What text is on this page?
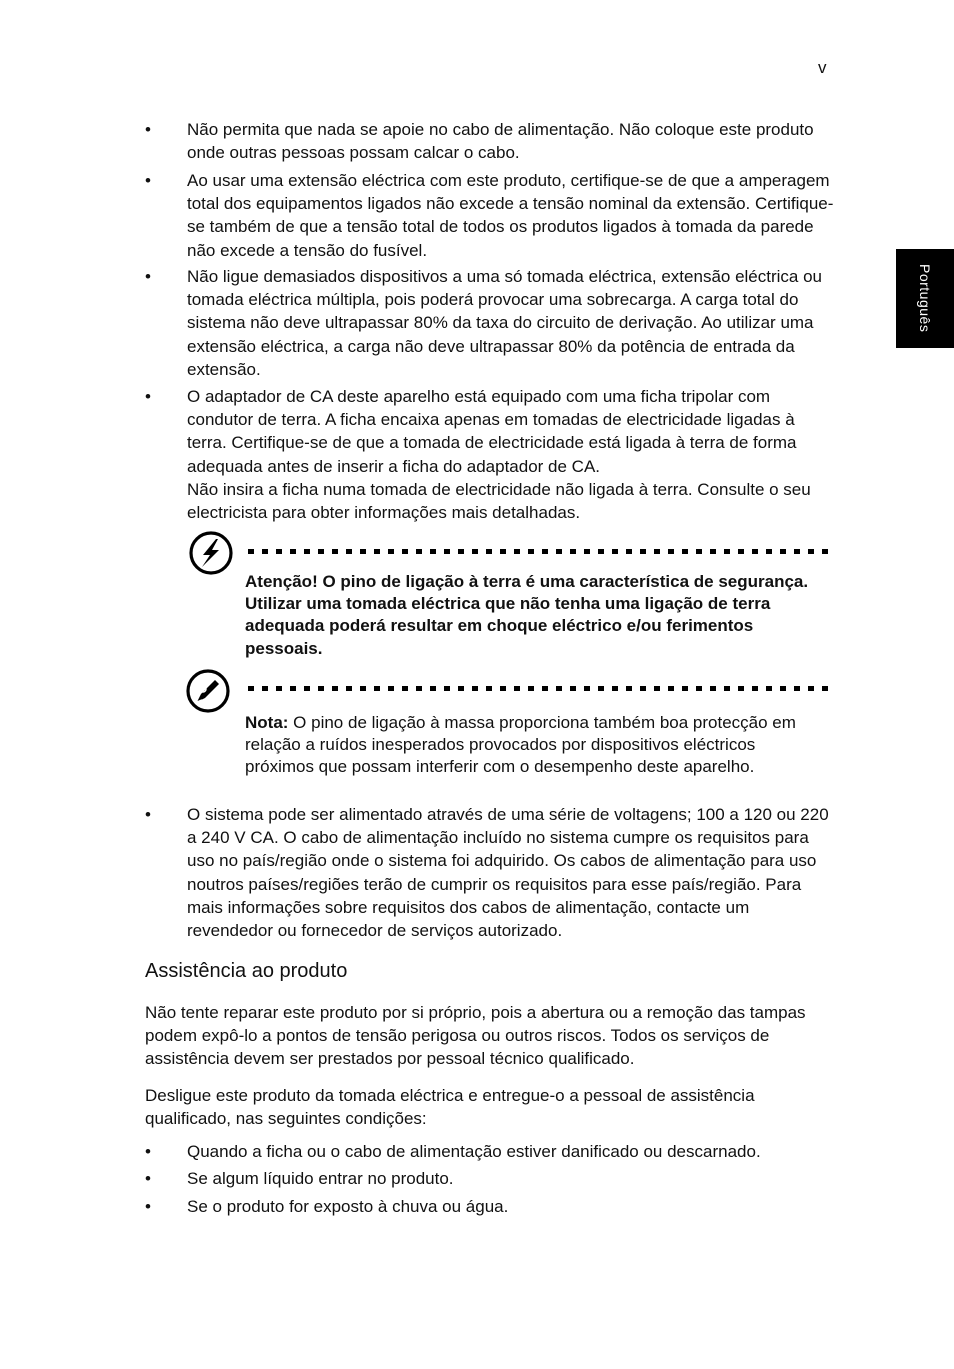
v
Português
• Não permita que nada se apoie no cabo de alimentação. Não coloque este produto onde outras pessoas possam calcar o cabo.

• Ao usar uma extensão eléctrica com este produto, certifique-se de que a amperagem total dos equipamentos ligados não excede a tensão nominal da extensão. Certifique-se também de que a tensão total de todos os produtos ligados à tomada da parede não excede a tensão do fusível.

• Não ligue demasiados dispositivos a uma só tomada eléctrica, extensão eléctrica ou tomada eléctrica múltipla, pois poderá provocar uma sobrecarga. A carga total do sistema não deve ultrapassar 80% da taxa do circuito de derivação. Ao utilizar uma extensão eléctrica, a carga não deve ultrapassar 80% da potência de entrada da extensão.

• O adaptador de CA deste aparelho está equipado com uma ficha tripolar com condutor de terra. A ficha encaixa apenas em tomadas de electricidade ligadas à terra. Certifique-se de que a tomada de electricidade está ligada à terra de forma adequada antes de inserir a ficha do adaptador de CA.

Não insira a ficha numa tomada de electricidade não ligada à terra. Consulte o seu electricista para obter informações mais detalhadas.

Atenção! O pino de ligação à terra é uma característica de segurança. Utilizar uma tomada eléctrica que não tenha uma ligação de terra adequada poderá resultar em choque eléctrico e/ou ferimentos pessoais.

Nota: O pino de ligação à massa proporciona também boa protecção em relação a ruídos inesperados provocados por dispositivos eléctricos próximos que possam interferir com o desempenho deste aparelho.

• O sistema pode ser alimentado através de uma série de voltagens; 100 a 120 ou 220 a 240 V CA. O cabo de alimentação incluído no sistema cumpre os requisitos para uso no país/região onde o sistema foi adquirido. Os cabos de alimentação para uso noutros países/regiões terão de cumprir os requisitos para esse país/região. Para mais informações sobre requisitos dos cabos de alimentação, contacte um revendedor ou fornecedor de serviços autorizado.

Assistência ao produto

Não tente reparar este produto por si próprio, pois a abertura ou a remoção das tampas podem expô-lo a pontos de tensão perigosa ou outros riscos. Todos os serviços de assistência devem ser prestados por pessoal técnico qualificado.

Desligue este produto da tomada eléctrica e entregue-o a pessoal de assistência qualificado, nas seguintes condições:

• Quando a ficha ou o cabo de alimentação estiver danificado ou descarnado.

• Se algum líquido entrar no produto.

• Se o produto for exposto à chuva ou água.
